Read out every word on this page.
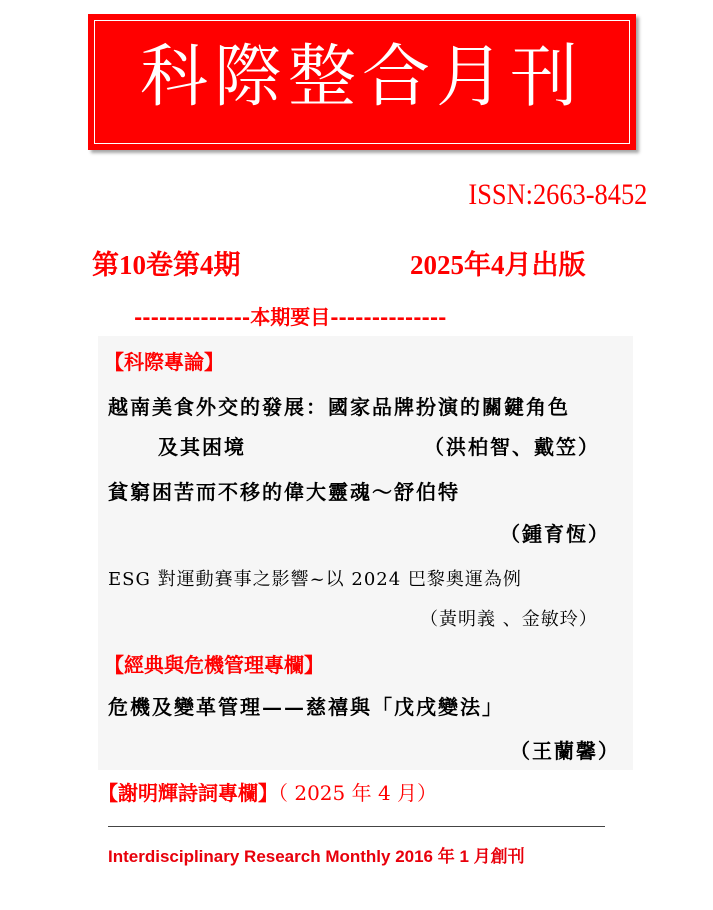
科際整合月刊
ISSN:2663-8452
第10卷第4期	2025年4月出版
--------------本期要目--------------
【科際專論】
越南美食外交的發展：國家品牌扮演的關鍵角色
及其困境	（洪柏智、戴笠）
貧窮困苦而不移的偉大靈魂～舒伯特
（鍾育恆）
ESG 對運動賽事之影響~以 2024 巴黎奧運為例
（黃明義 、金敏玲）
【經典與危機管理專欄】
危機及變革管理——慈禧與「戊戌變法」
（王蘭馨）
【謝明輝詩詞專欄】（ 2025 年 4 月）
Interdisciplinary Research Monthly 2016 年 1 月創刊
